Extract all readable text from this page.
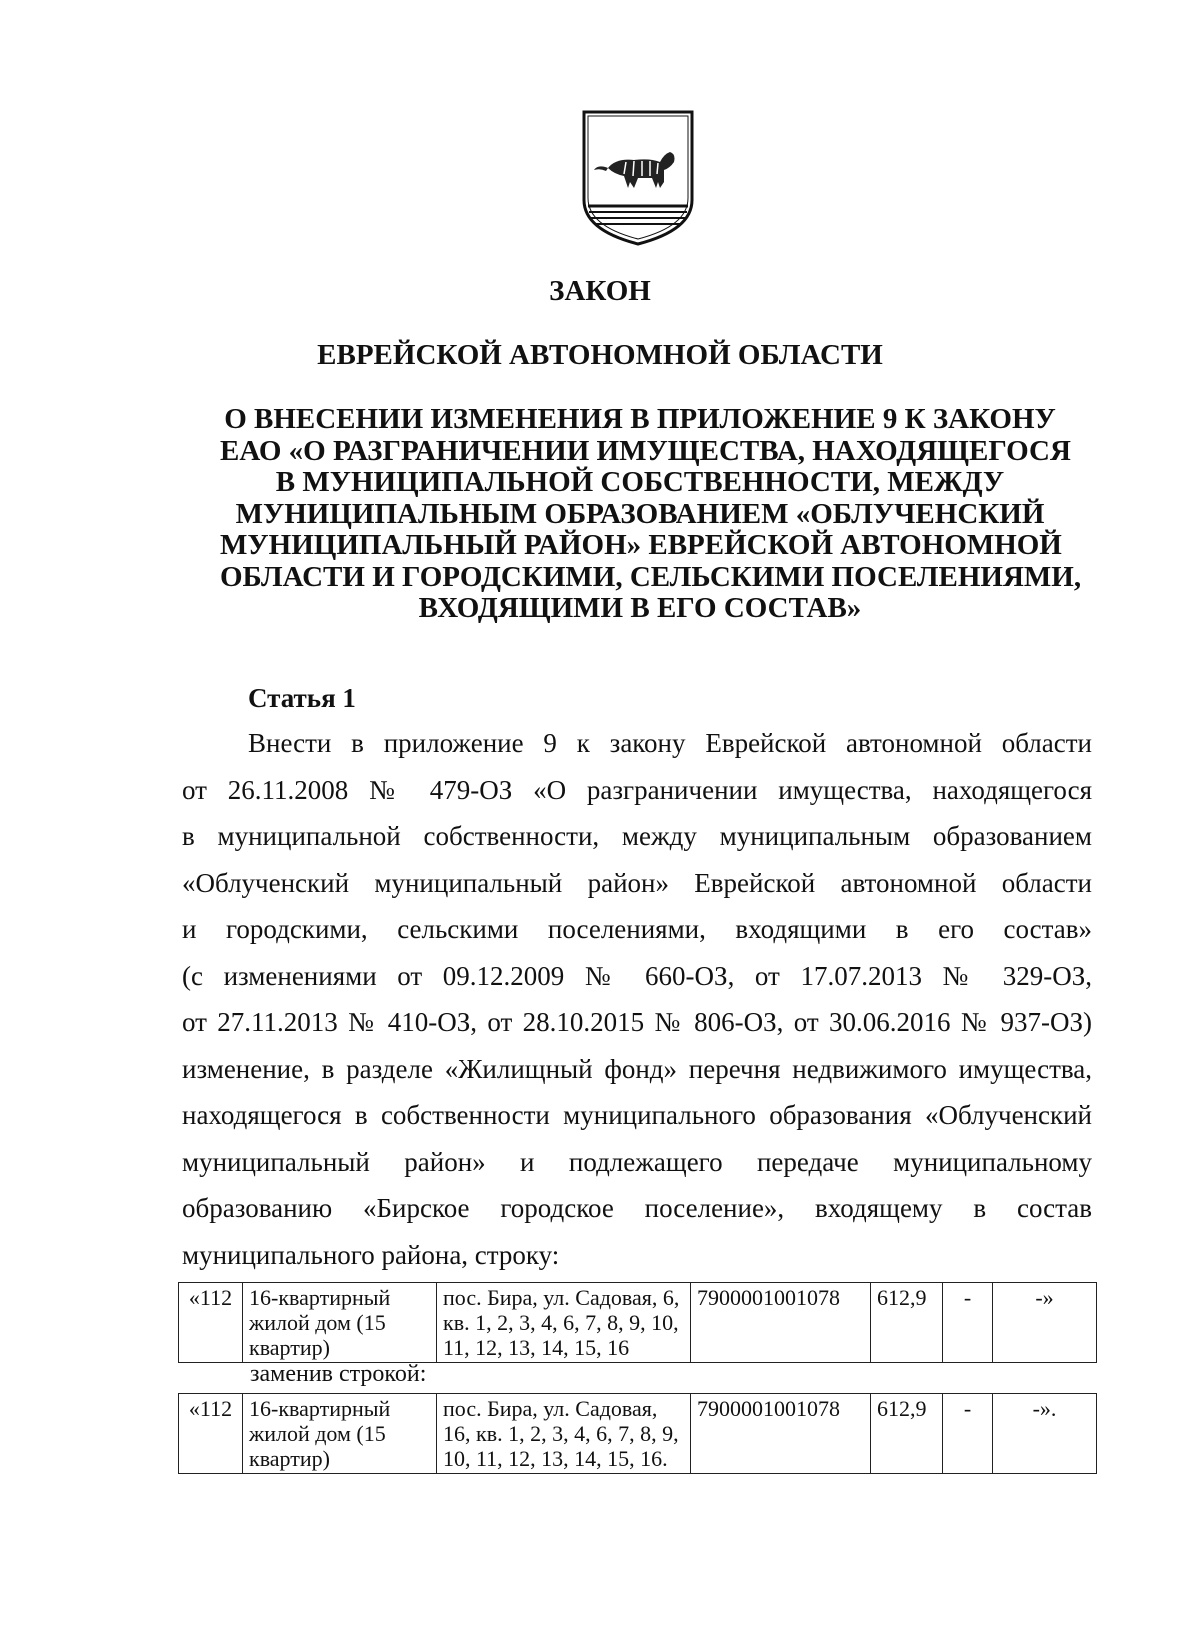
ЗАКОН
ЕВРЕЙСКОЙ АВТОНОМНОЙ ОБЛАСТИ
О ВНЕСЕНИИ ИЗМЕНЕНИЯ В ПРИЛОЖЕНИЕ 9 К ЗАКОНУ
ЕАО «О РАЗГРАНИЧЕНИИ ИМУЩЕСТВА, НАХОДЯЩЕГОСЯ
В МУНИЦИПАЛЬНОЙ СОБСТВЕННОСТИ, МЕЖДУ
МУНИЦИПАЛЬНЫМ ОБРАЗОВАНИЕМ «ОБЛУЧЕНСКИЙ
МУНИЦИПАЛЬНЫЙ РАЙОН» ЕВРЕЙСКОЙ АВТОНОМНОЙ
ОБЛАСТИ И ГОРОДСКИМИ, СЕЛЬСКИМИ ПОСЕЛЕНИЯМИ,
ВХОДЯЩИМИ В ЕГО СОСТАВ»
Статья 1
Внести в приложение 9 к закону Еврейской автономной области
от 26.11.2008 № 479-ОЗ «О разграничении имущества, находящегося
в муниципальной собственности, между муниципальным образованием
«Облученский муниципальный район» Еврейской автономной области
и городскими, сельскими поселениями, входящими в его состав»
(с изменениями от 09.12.2009 № 660-ОЗ, от 17.07.2013 № 329-ОЗ,
от 27.11.2013 № 410-ОЗ, от 28.10.2015 № 806-ОЗ, от 30.06.2016 № 937-ОЗ)
изменение, в разделе «Жилищный фонд» перечня недвижимого имущества,
находящегося в собственности муниципального образования «Облученский
муниципальный район» и подлежащего передаче муниципальному
образованию «Бирское городское поселение», входящему в состав
муниципального района, строку:
«112	16-квартирный жилой дом (15 квартир)	пос. Бира, ул. Садовая, 6, кв. 1, 2, 3, 4, 6, 7, 8, 9, 10, 11, 12, 13, 14, 15, 16	7900001001078	612,9	-	-»

заменив строкой:

«112	16-квартирный жилой дом (15 квартир)	пос. Бира, ул. Садовая, 16, кв. 1, 2, 3, 4, 6, 7, 8, 9, 10, 11, 12, 13, 14, 15, 16.	7900001001078	612,9	-	-».
